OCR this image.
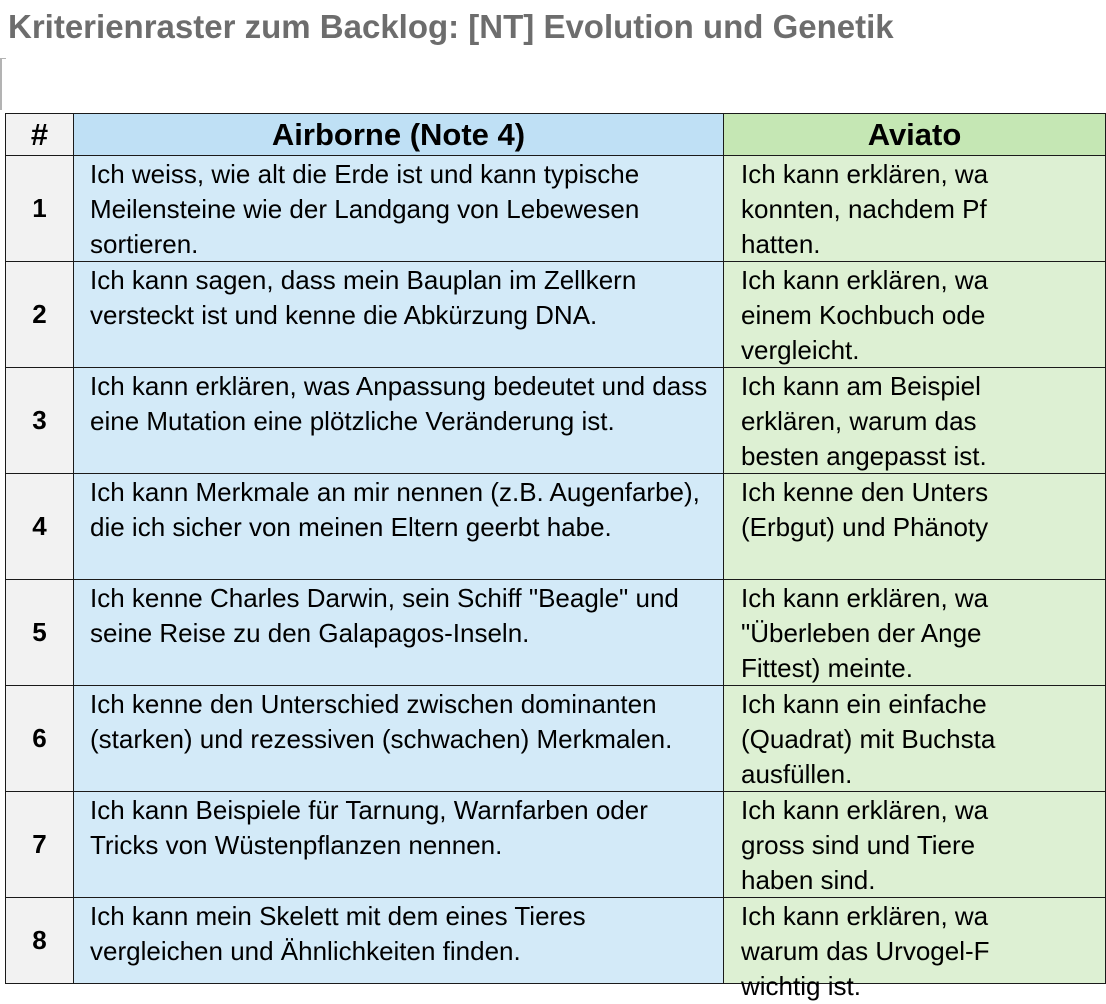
Kriterienraster zum Backlog: [NT] Evolution und Genetik
#	Airborne (Note 4)	Aviato
1	Ich weiss, wie alt die Erde ist und kann typische Meilensteine wie der Landgang von Lebewesen sortieren.	Ich kann erklären, wa
konnten, nachdem Pf
hatten.

2	Ich kann sagen, dass mein Bauplan im Zellkern versteckt ist und kenne die Abkürzung DNA.	Ich kann erklären, wa
einem Kochbuch ode
vergleicht.

3	Ich kann erklären, was Anpassung bedeutet und dass eine Mutation eine plötzliche Veränderung ist.	Ich kann am Beispiel
erklären, warum das
besten angepasst ist.

4	Ich kann Merkmale an mir nennen (z.B. Augenfarbe), die ich sicher von meinen Eltern geerbt habe.	Ich kenne den Unters
(Erbgut) und Phänoty

5	Ich kenne Charles Darwin, sein Schiff "Beagle" und seine Reise zu den Galapagos-Inseln.	Ich kann erklären, wa
"Überleben der Ange
Fittest) meinte.

6	Ich kenne den Unterschied zwischen dominanten (starken) und rezessiven (schwachen) Merkmalen.	Ich kann ein einfache
(Quadrat) mit Buchsta
ausfüllen.

7	Ich kann Beispiele für Tarnung, Warnfarben oder Tricks von Wüstenpflanzen nennen.	Ich kann erklären, wa
gross sind und Tiere
haben sind.

8	Ich kann mein Skelett mit dem eines Tieres vergleichen und Ähnlichkeiten finden.	Ich kann erklären, wa
warum das Urvogel-F
wichtig ist.
